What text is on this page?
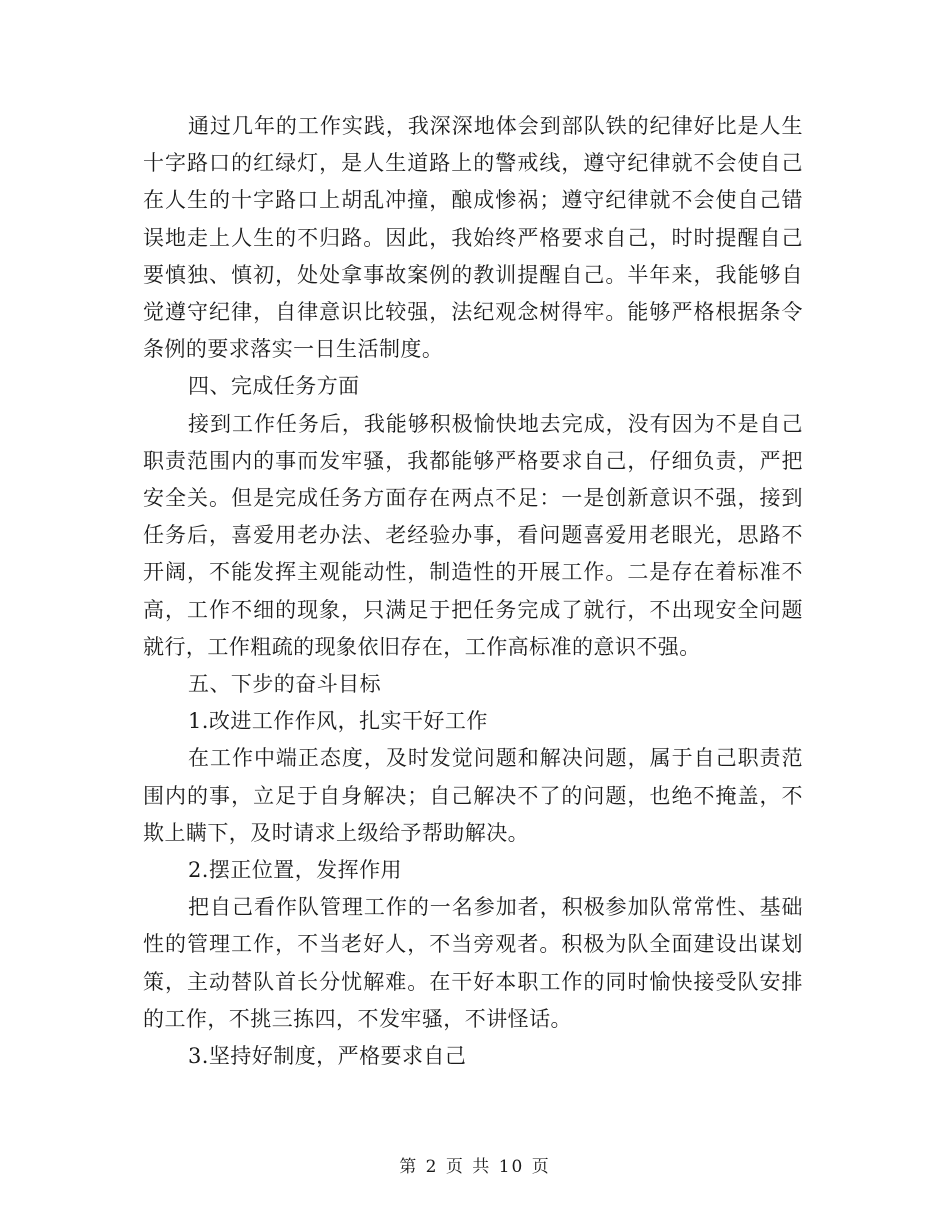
通过几年的工作实践，我深深地体会到部队铁的纪律好比是人生十字路口的红绿灯，是人生道路上的警戒线，遵守纪律就不会使自己在人生的十字路口上胡乱冲撞，酿成惨祸；遵守纪律就不会使自己错误地走上人生的不归路。因此，我始终严格要求自己，时时提醒自己要慎独、慎初，处处拿事故案例的教训提醒自己。半年来，我能够自觉遵守纪律，自律意识比较强，法纪观念树得牢。能够严格根据条令条例的要求落实一日生活制度。

四、完成任务方面

接到工作任务后，我能够积极愉快地去完成，没有因为不是自己职责范围内的事而发牢骚，我都能够严格要求自己，仔细负责，严把安全关。但是完成任务方面存在两点不足：一是创新意识不强，接到任务后，喜爱用老办法、老经验办事，看问题喜爱用老眼光，思路不开阔，不能发挥主观能动性，制造性的开展工作。二是存在着标准不高，工作不细的现象，只满足于把任务完成了就行，不出现安全问题就行，工作粗疏的现象依旧存在，工作高标准的意识不强。

五、下步的奋斗目标

1.改进工作作风，扎实干好工作

在工作中端正态度，及时发觉问题和解决问题，属于自己职责范围内的事，立足于自身解决；自己解决不了的问题，也绝不掩盖，不欺上瞒下，及时请求上级给予帮助解决。

2.摆正位置，发挥作用

把自己看作队管理工作的一名参加者，积极参加队常常性、基础性的管理工作，不当老好人，不当旁观者。积极为队全面建设出谋划策，主动替队首长分忧解难。在干好本职工作的同时愉快接受队安排的工作，不挑三拣四，不发牢骚，不讲怪话。

3.坚持好制度，严格要求自己

第 2 页 共 10 页
